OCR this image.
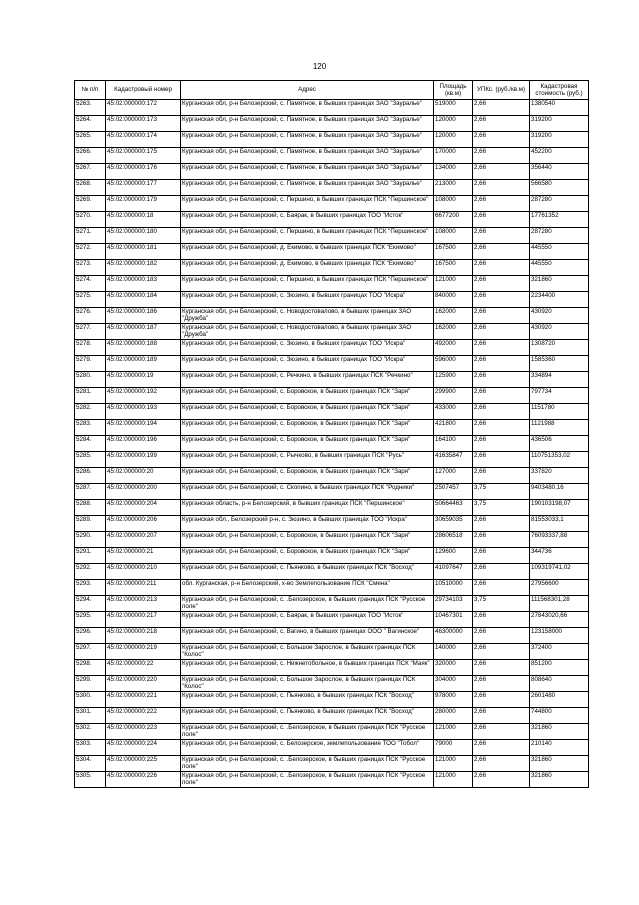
120
№ п/п	Кадастровый номер	Адрес	Площадь (кв.м)	УПКс. (руб./кв.м)	Кадастровая стоимость (руб.)
5263.	45:02:000000:172	Курганская обл, р-н Белозерский, с. Памятное, в бывших границах ЗАО "Зауралье"	519000	2,66	1380540
5264.	45:02:000000:173	Курганская обл, р-н Белозерский, с. Памятное, в бывших границах ЗАО "Зауралье"	120000	2,66	319200
5265.	45:02:000000:174	Курганская обл, р-н Белозерский, с. Памятное, в бывших границах ЗАО "Зауралье"	120000	2,66	319200
5266.	45:02:000000:175	Курганская обл, р-н Белозерский, с. Памятное, в бывших границах ЗАО "Зауралье"	170000	2,66	452200
5267.	45:02:000000:176	Курганская обл, р-н Белозерский, с. Памятное, в бывших границах ЗАО "Зауралье"	134000	2,66	356440
5268.	45:02:000000:177	Курганская обл, р-н Белозерский, с. Памятное, в бывших границах ЗАО "Зауралье"	213000	2,66	566580
5269.	45:02:000000:179	Курганская обл, р-н Белозерский, с. Першино, в бывших границах ПСК "Першинское"	108000	2,66	287280
5270.	45:02:000000:18	Курганская обл, р-н Белозерский, с. Баярак, в бывших границах ТОО "Исток"	6677200	2,66	17761352
5271.	45:02:000000:180	Курганская обл, р-н Белозерский, с. Першино, в бывших границах ПСК "Першинское"	108000	2,66	287280
5272.	45:02:000000:181	Курганская обл, р-н Белозерский, д. Екимово, в бывших границах ПСК "Екимово"	167500	2,66	445550
5273.	45:02:000000:182	Курганская обл, р-н Белозерский, д. Екимово, в бывших границах ПСК "Екимово"	167500	2,66	445550
5274.	45:02:000000:183	Курганская обл, р-н Белозерский, с. Першино, в бывших границах ПСК "Першинское"	121000	2,66	321860
5275.	45:02:000000:184	Курганская обл, р-н Белозерский, с. Зюзино, в бывших границах ТОО "Искра"	840000	2,66	2234400
5276.	45:02:000000:186	Курганская обл, р-н Белозерский, с. Новодостовалово, в бывших границах ЗАО "Дружба"	162000	2,66	430920
5277.	45:02:000000:187	Курганская обл, р-н Белозерский, с. Новодостовалово, в бывших границах ЗАО "Дружба"	162000	2,66	430920
5278.	45:02:000000:188	Курганская обл, р-н Белозерский, с. Зюзино, в бывших границах ТОО "Искра"	492000	2,66	1308720
5279.	45:02:000000:189	Курганская обл, р-н Белозерский, с. Зюзино, в бывших границах ТОО "Искра"	596000	2,66	1585360
5280.	45:02:000000:19	Курганская обл, р-н Белозерский, с. Речкино, в бывших границах ПСК "Речкино"	125900	2,66	334894
5281.	45:02:000000:192	Курганская обл, р-н Белозерский, с. Боровское, в бывших границах ПСК "Заря"	299900	2,66	797734
5282.	45:02:000000:193	Курганская обл, р-н Белозерский, с. Боровское, в бывших границах ПСК "Заря"	433000	2,66	1151780
5283.	45:02:000000:194	Курганская обл, р-н Белозерский, с. Боровское, в бывших границах ПСК "Заря"	421800	2,66	1121988
5284.	45:02:000000:196	Курганская обл, р-н Белозерский, с. Боровское, в бывших границах ПСК "Заря"	164100	2,66	436506
5285.	45:02:000000:199	Курганская обл, р-н Белозерский, с. Рычково, в бывших границах ПСК "Русь"	41635847	2,66	110751353,02
5286.	45:02:000000:20	Курганская обл, р-н Белозерский, с. Боровское, в бывших границах ПСК "Заря"	127000	2,66	337820
5287.	45:02:000000:200	Курганская обл, р-н Белозерский, с. Скопино, в бывших границах ПСК "Родники"	2507457	3,75	9403480,16
5288.	45:02:000000:204	Курганская область, р-н Белозерский, в бывших границах ПСК "Першинское"	50664463	3,75	190103198,07
5289.	45:02:000000:206	Курганская обл., Белозерский р-н, с. Зюзино, в бывших границах ТОО "Искра"	30659035	2,66	81553033,1
5290.	45:02:000000:207	Курганская обл, р-н Белозерский, с. Боровское, в бывших границах ПСК "Заря"	28606518	2,66	76093337,88
5291.	45:02:000000:21	Курганская обл, р-н Белозерский, с. Боровское, в бывших границах ПСК "Заря"	129600	2,66	344736
5292.	45:02:000000:210	Курганская обл, р-н Белозерский, с. Пьянково, в бывших границах ПСК "Восход"	41097647	2,66	109319741,02
5293.	45:02:000000:211	обл. Курганская, р-н Белозерский, х-во Землепользование ПСК "Смена"	10510000	2,66	27956600
5294.	45:02:000000:213	Курганская обл, р-н Белозерский, с. .Белозерское, в бывших границах ПСК "Русское поле"	29734103	3,75	111568301,28
5295.	45:02:000000:217	Курганская обл, р-н Белозерский, с. Баярак, в бывших границах ТОО "Исток"	10467301	2,66	27843020,66
5296.	45:02:000000:218	Курганская обл, р-н Белозерский, с. Вагино, в бывших границах ООО " Вагинское"	46300000	2,66	123158000
5297.	45:02:000000:219	Курганская обл, р-н Белозерский, с. Большое Зарослое, в бывших границах ПСК "Колос"	140000	2,66	372400
5298.	45:02:000000:22	Курганская обл, р-н Белозерский, с. Нижнетобольное, в бывших границах ПСК "Маяк"	320000	2,66	851200
5299.	45:02:000000:220	Курганская обл, р-н Белозерский, с. Большое Зарослое, в бывших границах ПСК "Колос"	304000	2,66	808640
5300.	45:02:000000:221	Курганская обл, р-н Белозерский, с. Пьянково, в бывших границах ПСК "Восход"	978000	2,66	2601480
5301.	45:02:000000:222	Курганская обл, р-н Белозерский, с. Пьянково, в бывших границах ПСК "Восход"	280000	2,66	744800
5302.	45:02:000000:223	Курганская обл, р-н Белозерский, с. .Белозерское, в бывших границах ПСК "Русское поле"	121000	2,66	321860
5303.	45:02:000000:224	Курганская обл, р-н Белозерский, с. Белозерское, землепользование ТОО "Тобол"	79000	2,66	210140
5304.	45:02:000000:225	Курганская обл, р-н Белозерский, с. .Белозерское, в бывших границах ПСК "Русское поле"	121000	2,66	321860
5305.	45:02:000000:226	Курганская обл, р-н Белозерский, с. .Белозерское, в бывших границах ПСК "Русское поле"	121000	2,66	321860
